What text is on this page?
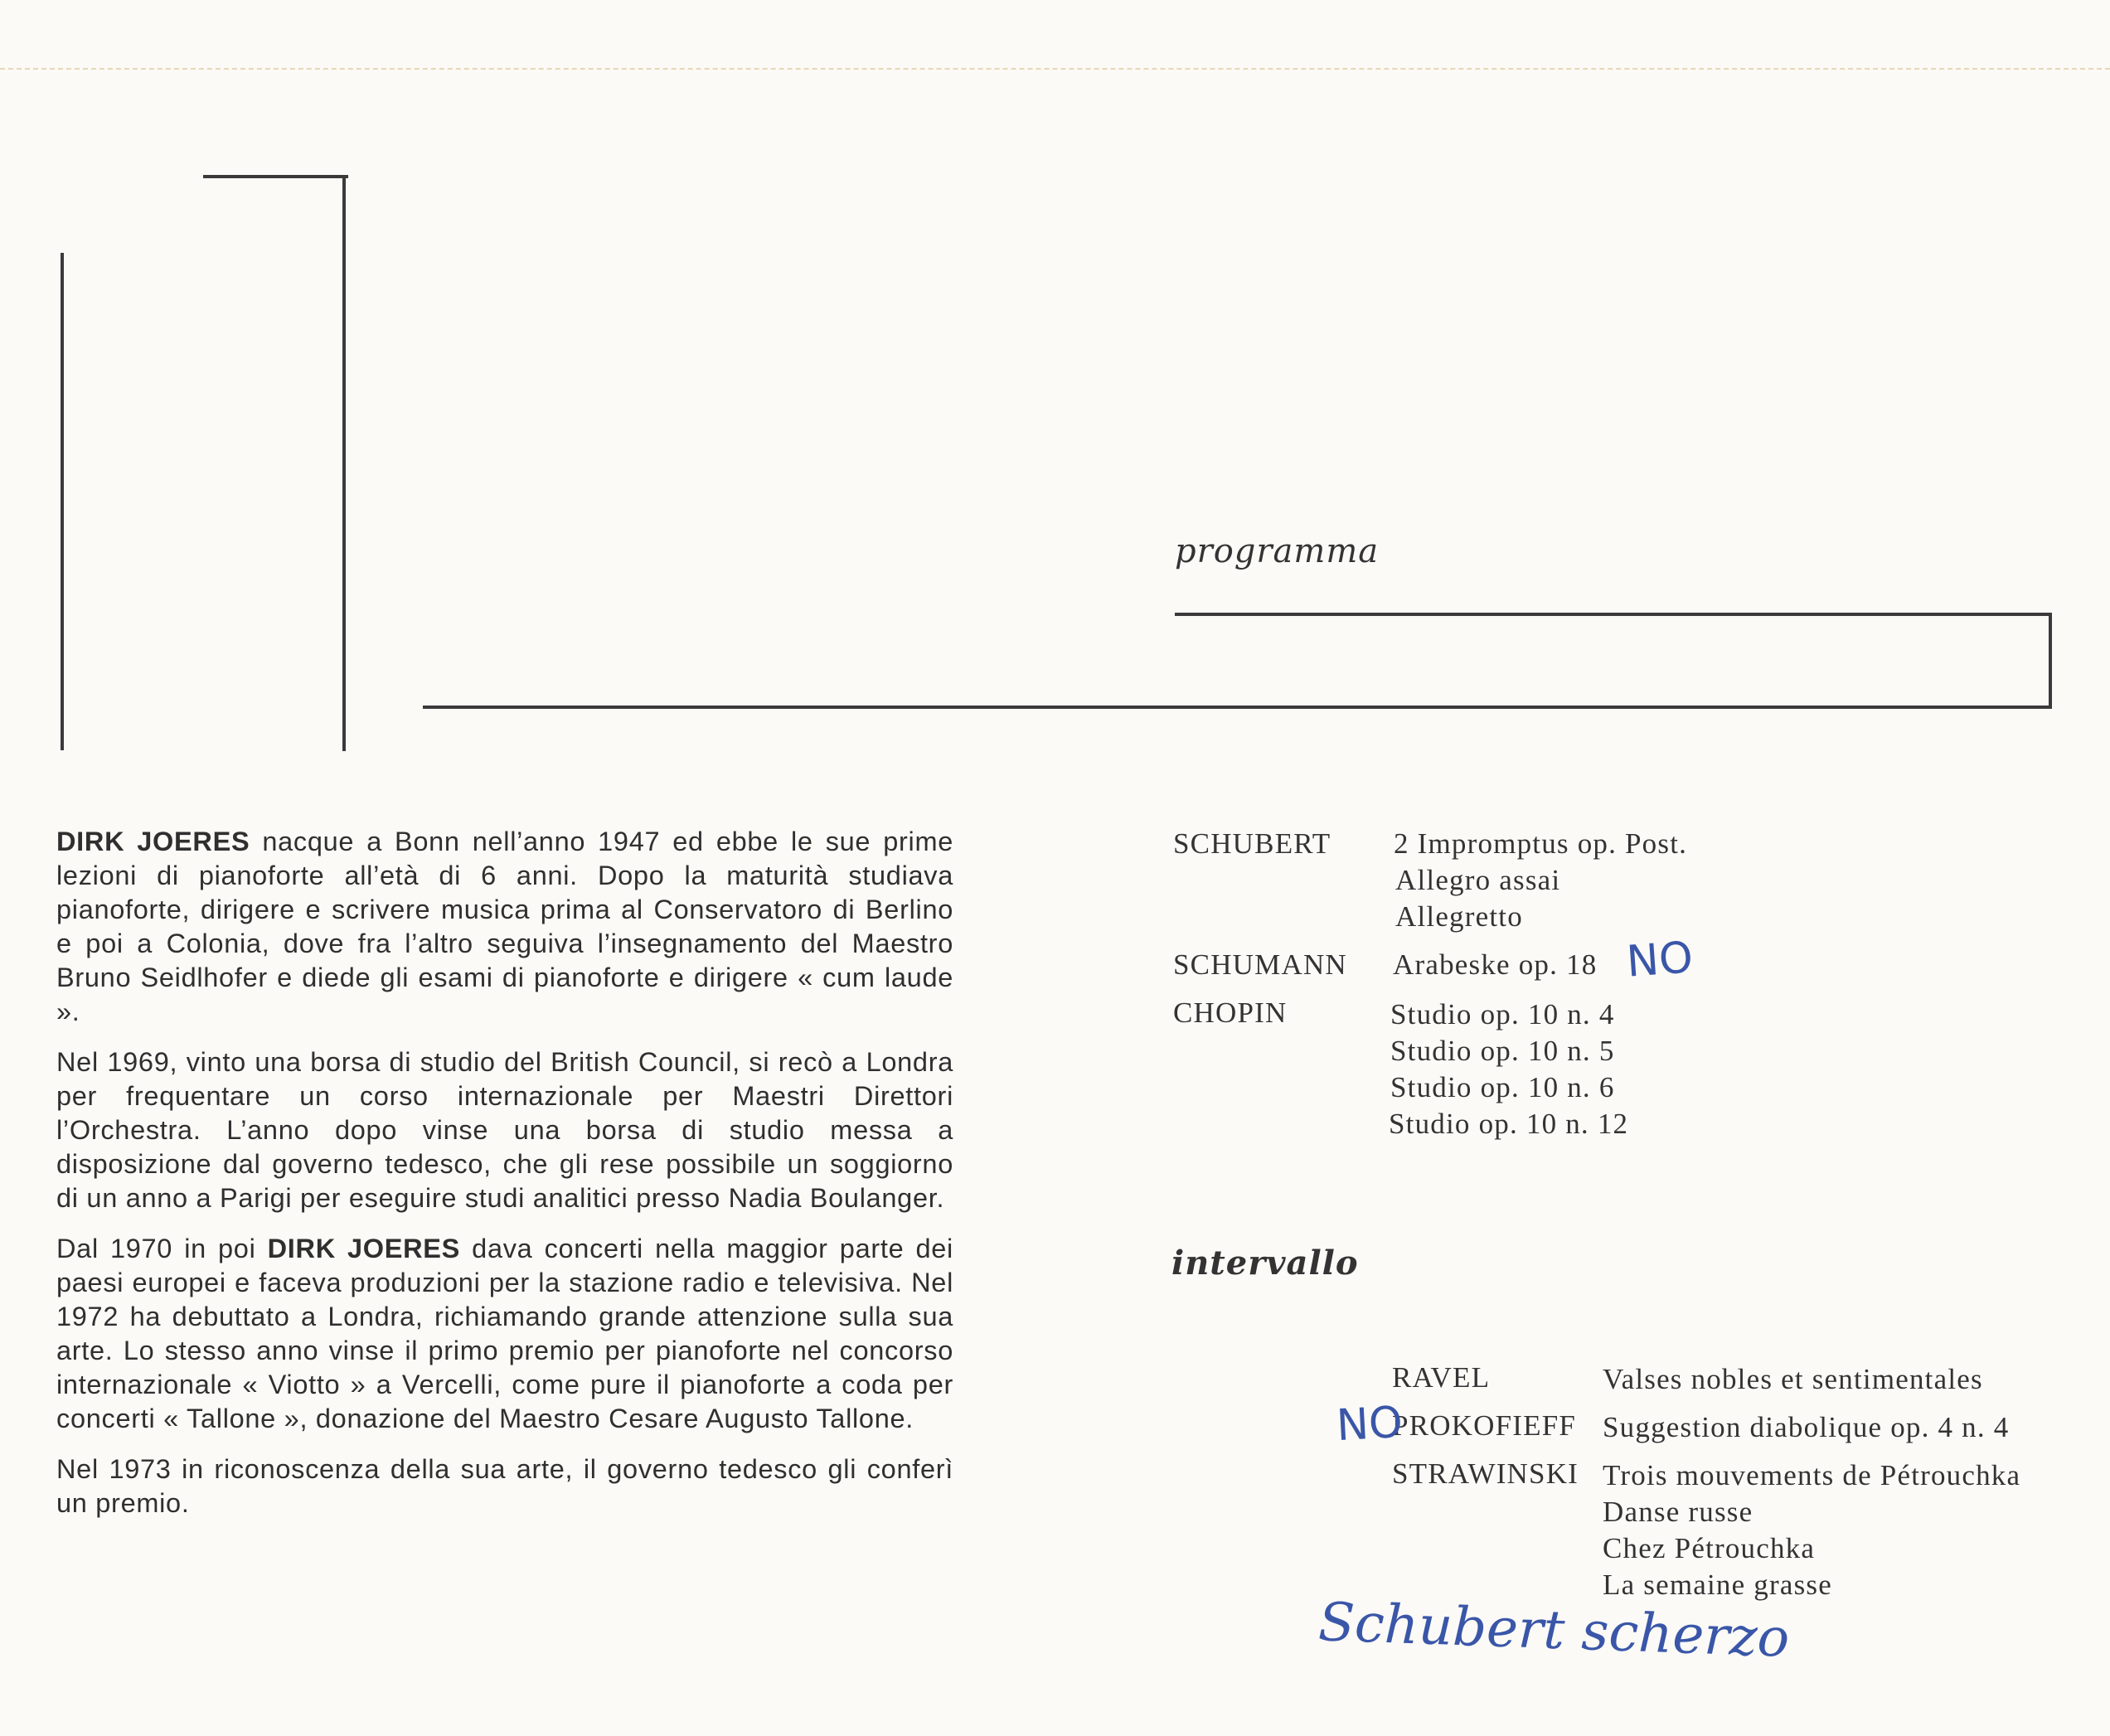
programma
intervallo

DIRK JOERES nacque a Bonn nell’anno 1947 ed ebbe le sue prime lezioni di pianoforte all’età di 6 anni. Dopo la maturità studiava pianoforte, dirigere e scrivere musica prima al Conservatoro di Berlino e poi a Colonia, dove fra l’altro seguiva l’insegnamento del Maestro Bruno Seidlhofer e diede gli esami di pianoforte e dirigere « cum laude ».

Nel 1969, vinto una borsa di studio del British Council, si recò a Londra per frequentare un corso internazionale per Maestri Direttori l’Orchestra. L’anno dopo vinse una borsa di studio messa a disposizione dal governo tedesco, che gli rese possibile un soggiorno di un anno a Parigi per eseguire studi analitici presso Nadia Boulanger.

Dal 1970 in poi DIRK JOERES dava concerti nella maggior parte dei paesi europei e faceva produzioni per la stazione radio e televisiva. Nel 1972 ha debuttato a Londra, richiamando grande attenzione sulla sua arte. Lo stesso anno vinse il primo premio per pianoforte nel concorso internazionale « Viotto » a Vercelli, come pure il pianoforte a coda per concerti « Tallone », donazione del Maestro Cesare Augusto Tallone.

Nel 1973 in riconoscenza della sua arte, il governo tedesco gli conferì un premio.

SCHUBERT 2 Impromptus op. Post.
Allegro assai
Allegretto
SCHUMANN Arabeske op. 18
CHOPIN	Studio op. 10 n. 4
Studio op. 10 n. 5
Studio op. 10 n. 6
Studio op. 10 n. 12
RAVEL	Valses nobles et sentimentales
PROKOFIEFF Suggestion diabolique op. 4 n. 4
STRAWINSKI Trois mouvements de Pétrouchka
Danse russe
Chez Pétrouchka
La semaine grasse
NO
NO
Schubert scherzo
